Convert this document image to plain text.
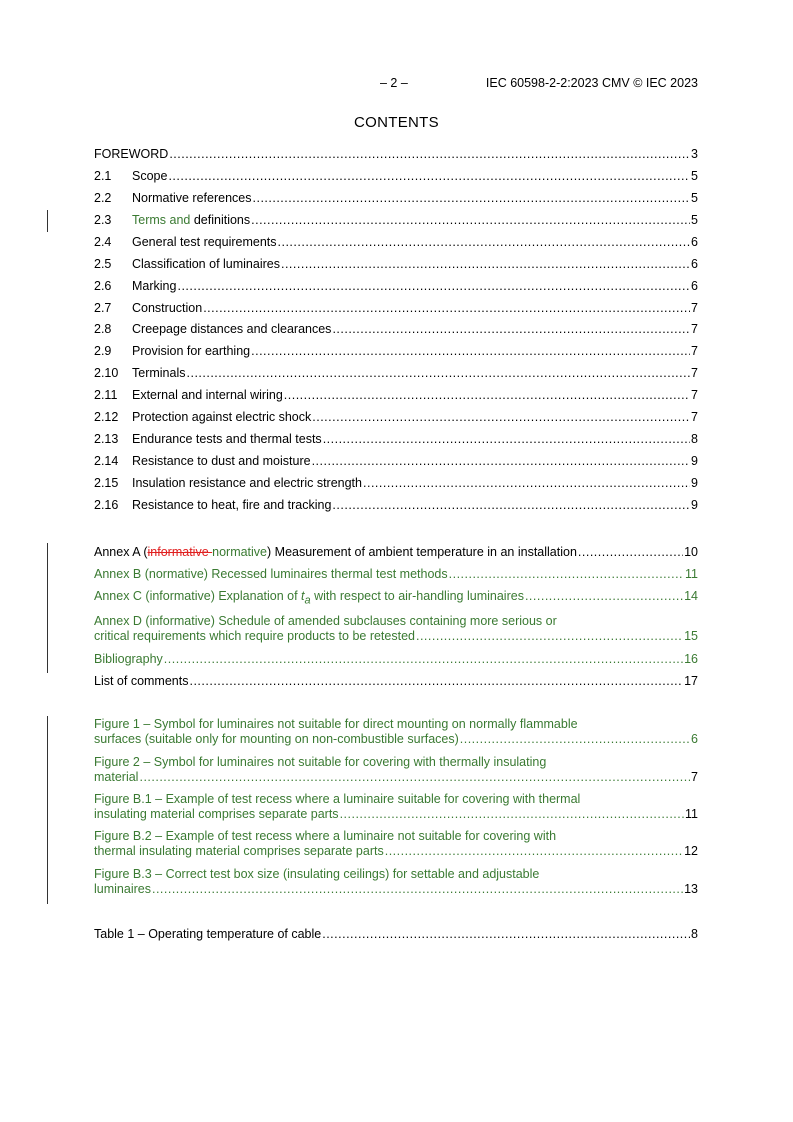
– 2 –	IEC 60598-2-2:2023 CMV © IEC 2023
CONTENTS
FOREWORD .....	3
2.1	Scope .....	5
2.2	Normative references .....	5
2.3	Terms and definitions .....	5
2.4	General test requirements .....	6
2.5	Classification of luminaires .....	6
2.6	Marking .....	6
2.7	Construction .....	7
2.8	Creepage distances and clearances .....	7
2.9	Provision for earthing .....	7
2.10	Terminals .....	7
2.11	External and internal wiring .....	7
2.12	Protection against electric shock .....	7
2.13	Endurance tests and thermal tests .....	8
2.14	Resistance to dust and moisture .....	9
2.15	Insulation resistance and electric strength .....	9
2.16	Resistance to heat, fire and tracking .....	9
Annex A (informative normative) Measurement of ambient temperature in an installation .....	10
Annex B (normative) Recessed luminaires thermal test methods .....	11
Annex C (informative) Explanation of $t_a$ with respect to air-handling luminaires .....	14
Annex D (informative) Schedule of amended subclauses containing more serious or
critical requirements which require products to be retested .....	15
Bibliography .....	16
List of comments .....	17
Figure 1 – Symbol for luminaires not suitable for direct mounting on normally flammable
surfaces (suitable only for mounting on non-combustible surfaces) .....	6
Figure 2 – Symbol for luminaires not suitable for covering with thermally insulating
material .....	7
Figure B.1 – Example of test recess where a luminaire suitable for covering with thermal
insulating material comprises separate parts .....	11
Figure B.2 – Example of test recess where a luminaire not suitable for covering with
thermal insulating material comprises separate parts .....	12
Figure B.3 – Correct test box size (insulating ceilings) for settable and adjustable
luminaires .....	13
Table 1 – Operating temperature of cable .....	8
